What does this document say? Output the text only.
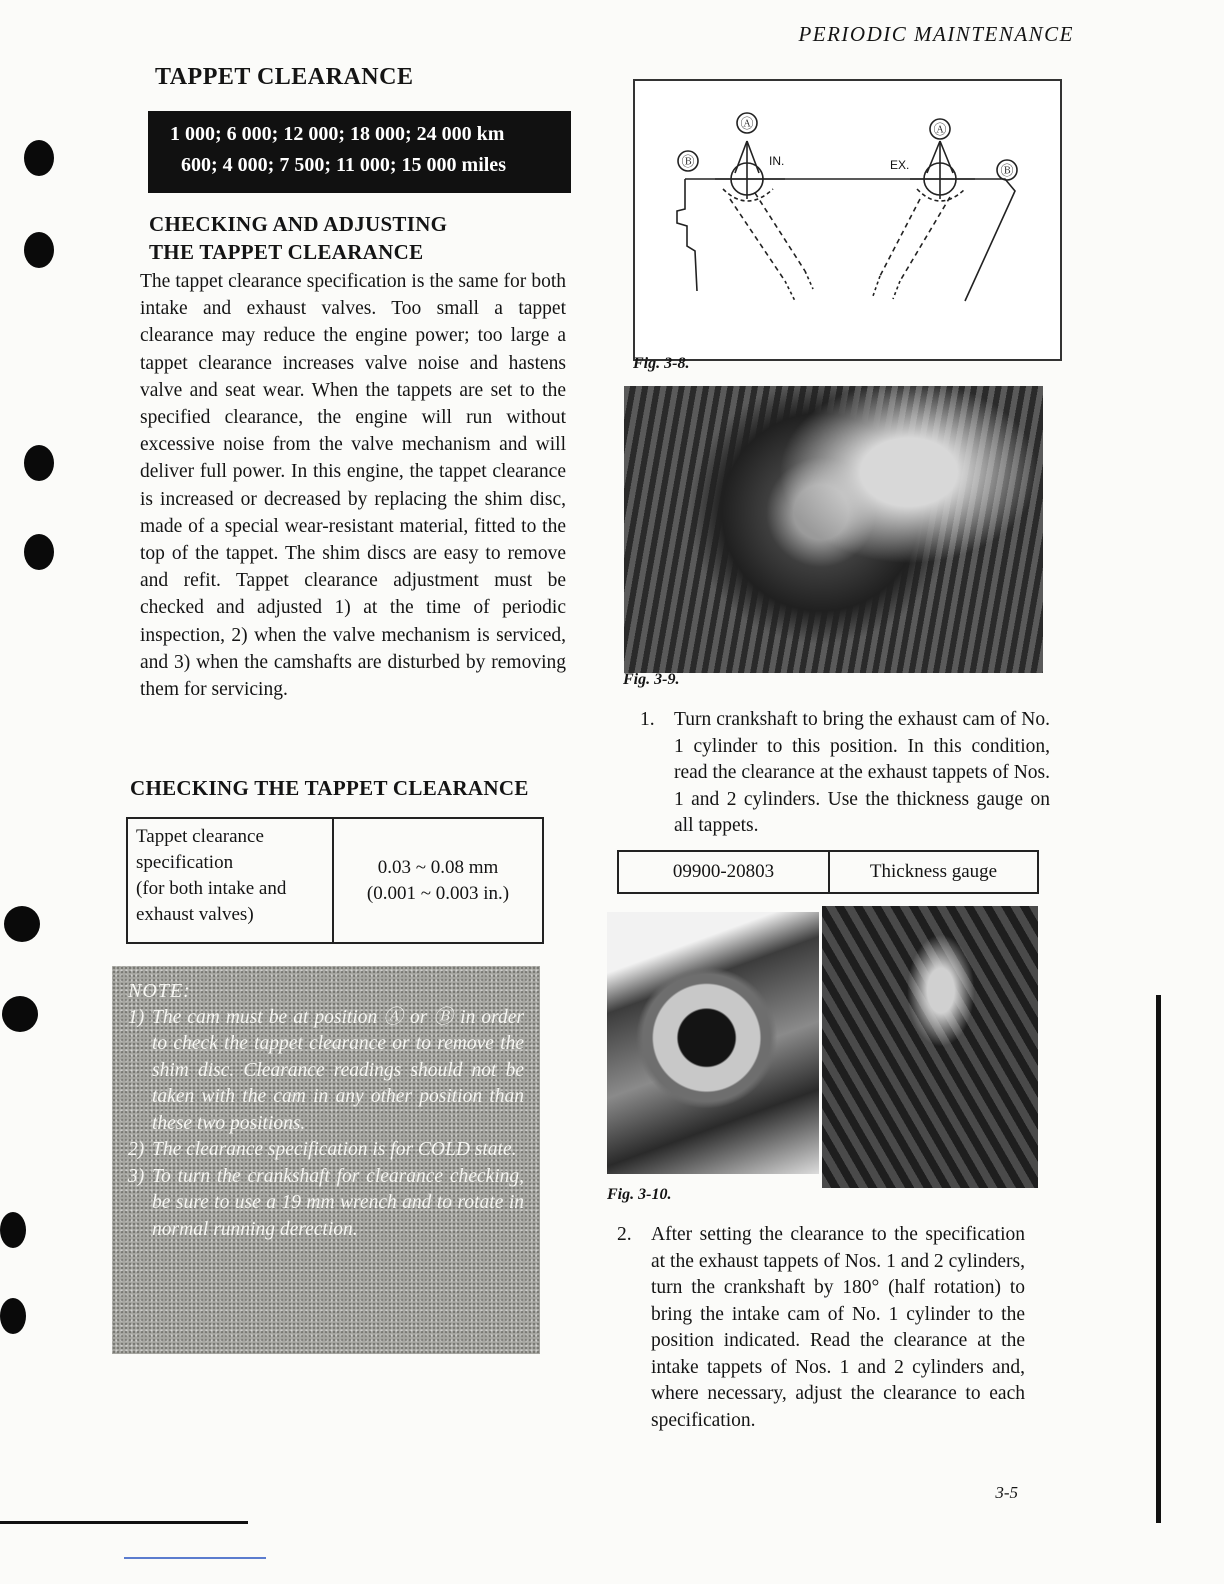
PERIODIC MAINTENANCE
TAPPET CLEARANCE
1 000; 6 000; 12 000; 18 000; 24 000 km
600; 4 000; 7 500; 11 000; 15 000 miles
CHECKING AND ADJUSTING
THE TAPPET CLEARANCE
The tappet clearance specification is the same for both intake and exhaust valves. Too small a tappet clearance may reduce the engine power; too large a tappet clearance increases valve noise and hastens valve and seat wear. When the tappets are set to the specified clearance, the engine will run without excessive noise from the valve mechanism and will deliver full power. In this engine, the tappet clearance is increased or decreased by replacing the shim disc, made of a special wear-resistant material, fitted to the top of the tappet. The shim discs are easy to remove and refit. Tappet clearance adjustment must be checked and adjusted 1) at the time of periodic inspection, 2) when the valve mechanism is serviced, and 3) when the camshafts are disturbed by removing them for servicing.
CHECKING THE TAPPET CLEARANCE
Tappet clearance
specification
(for both intake and
exhaust valves)
0.03 ~ 0.08 mm
(0.001 ~ 0.003 in.)
NOTE:
1) The cam must be at position Ⓐ or Ⓑ in order to check the tappet clearance or to remove the shim disc. Clearance readings should not be taken with the cam in any other position than these two positions.
2) The clearance specification is for COLD state.
3) To turn the crankshaft for clearance checking, be sure to use a 19 mm wrench and to rotate in normal running derection.
Ⓐ	Ⓐ
Ⓑ
Ⓑ
IN.	EX.
Fig. 3-8.
Fig. 3-9.
1. Turn crankshaft to bring the exhaust cam of No. 1 cylinder to this position. In this condition, read the clearance at the exhaust tappets of Nos. 1 and 2 cylinders. Use the thickness gauge on all tappets.
09900-20803	Thickness gauge
Fig. 3-10.
2. After setting the clearance to the specification at the exhaust tappets of Nos. 1 and 2 cylinders, turn the crankshaft by 180° (half rotation) to bring the intake cam of No. 1 cylinder to the position indicated. Read the clearance at the intake tappets of Nos. 1 and 2 cylinders and, where necessary, adjust the clearance to each specification.
3-5
